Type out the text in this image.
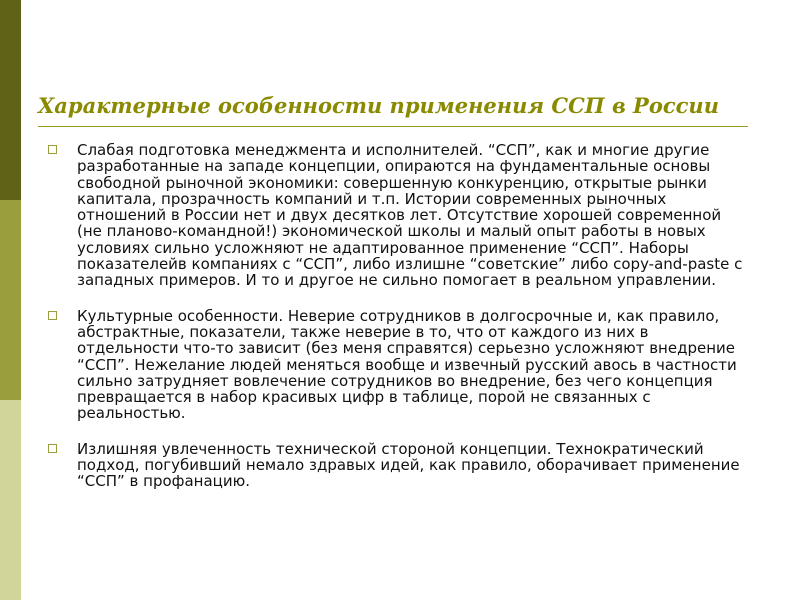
Характерные особенности применения ССП в России
Слабая подготовка менеджмента и исполнителей. “ССП”, как и многие другие разработанные на западе концепции, опираются на фундаментальные основы свободной рыночной экономики: совершенную конкуренцию, открытые рынки капитала, прозрачность компаний и т.п. Истории современных рыночных отношений в России нет и двух десятков лет. Отсутствие хорошей современной (не планово-командной!) экономической школы и малый опыт работы в новых условиях сильно усложняют не адаптированное применение “ССП”. Наборы показателейв компаниях с “ССП”, либо излишне “советские” либо copy-and-paste с западных примеров. И то и другое не сильно помогает в реальном управлении.
Культурные особенности. Неверие сотрудников в долгосрочные и, как правило, абстрактные, показатели, также неверие в то, что от каждого из них в отдельности что-то зависит (без меня справятся) серьезно усложняют внедрение “ССП”. Нежелание людей меняться вообще и извечный русский авось в частности сильно затрудняет вовлечение сотрудников во внедрение, без чего концепция превращается в набор красивых цифр в таблице, порой не связанных с реальностью.
Излишняя увлеченность технической стороной концепции. Технократический подход, погубивший немало здравых идей, как правило, оборачивает применение “ССП” в профанацию.
